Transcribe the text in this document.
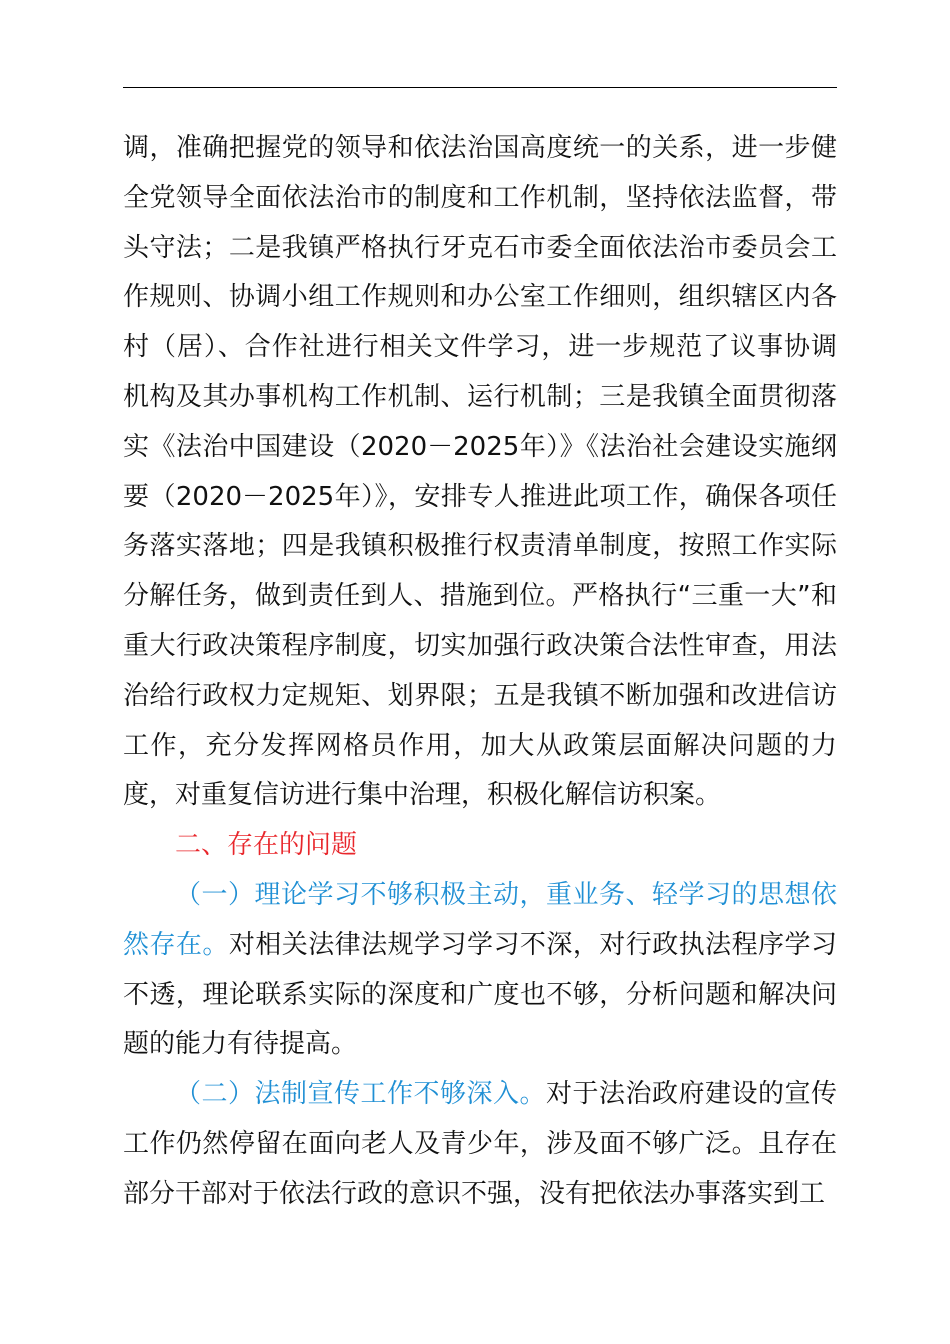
调，准确把握党的领导和依法治国高度统一的关系，进一步健全党领导全面依法治市的制度和工作机制，坚持依法监督，带头守法；二是我镇严格执行牙克石市委全面依法治市委员会工作规则、协调小组工作规则和办公室工作细则，组织辖区内各村（居）、合作社进行相关文件学习，进一步规范了议事协调机构及其办事机构工作机制、运行机制；三是我镇全面贯彻落实《法治中国建设（2020－2025年）》《法治社会建设实施纲要（2020－2025年）》，安排专人推进此项工作，确保各项任务落实落地；四是我镇积极推行权责清单制度，按照工作实际分解任务，做到责任到人、措施到位。严格执行“三重一大”和重大行政决策程序制度，切实加强行政决策合法性审查，用法治给行政权力定规矩、划界限；五是我镇不断加强和改进信访工作，充分发挥网格员作用，加大从政策层面解决问题的力度，对重复信访进行集中治理，积极化解信访积案。

二、存在的问题

（一）理论学习不够积极主动，重业务、轻学习的思想依然存在。对相关法律法规学习学习不深，对行政执法程序学习不透，理论联系实际的深度和广度也不够，分析问题和解决问题的能力有待提高。

（二）法制宣传工作不够深入。对于法治政府建设的宣传工作仍然停留在面向老人及青少年，涉及面不够广泛。且存在部分干部对于依法行政的意识不强，没有把依法办事落实到工
